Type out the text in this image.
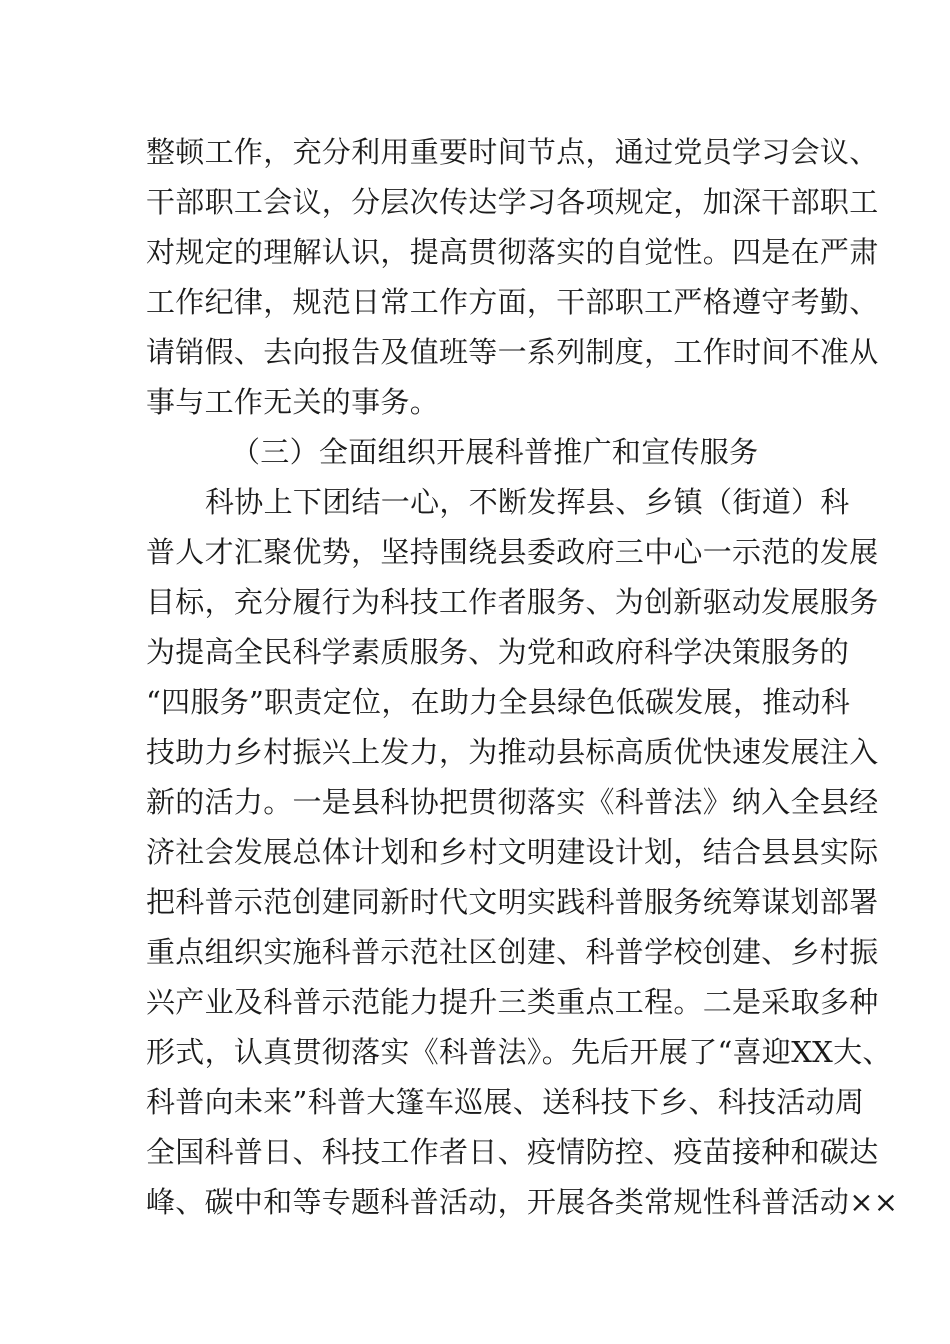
整顿工作，充分利用重要时间节点，通过党员学习会议、
干部职工会议，分层次传达学习各项规定，加深干部职工
对规定的理解认识，提高贯彻落实的自觉性。四是在严肃
工作纪律，规范日常工作方面，干部职工严格遵守考勤、
请销假、去向报告及值班等一系列制度，工作时间不准从
事与工作无关的事务。
（三）全面组织开展科普推广和宣传服务
科协上下团结一心，不断发挥县、乡镇（街道）科
普人才汇聚优势，坚持围绕县委政府三中心一示范的发展
目标，充分履行为科技工作者服务、为创新驱动发展服务
为提高全民科学素质服务、为党和政府科学决策服务的
“四服务”职责定位，在助力全县绿色低碳发展，推动科
技助力乡村振兴上发力，为推动县标高质优快速发展注入
新的活力。一是县科协把贯彻落实《科普法》纳入全县经
济社会发展总体计划和乡村文明建设计划，结合县县实际
把科普示范创建同新时代文明实践科普服务统筹谋划部署
重点组织实施科普示范社区创建、科普学校创建、乡村振
兴产业及科普示范能力提升三类重点工程。二是采取多种
形式，认真贯彻落实《科普法》。先后开展了“喜迎XX大、
科普向未来”科普大篷车巡展、送科技下乡、科技活动周
全国科普日、科技工作者日、疫情防控、疫苗接种和碳达
峰、碳中和等专题科普活动，开展各类常规性科普活动××
